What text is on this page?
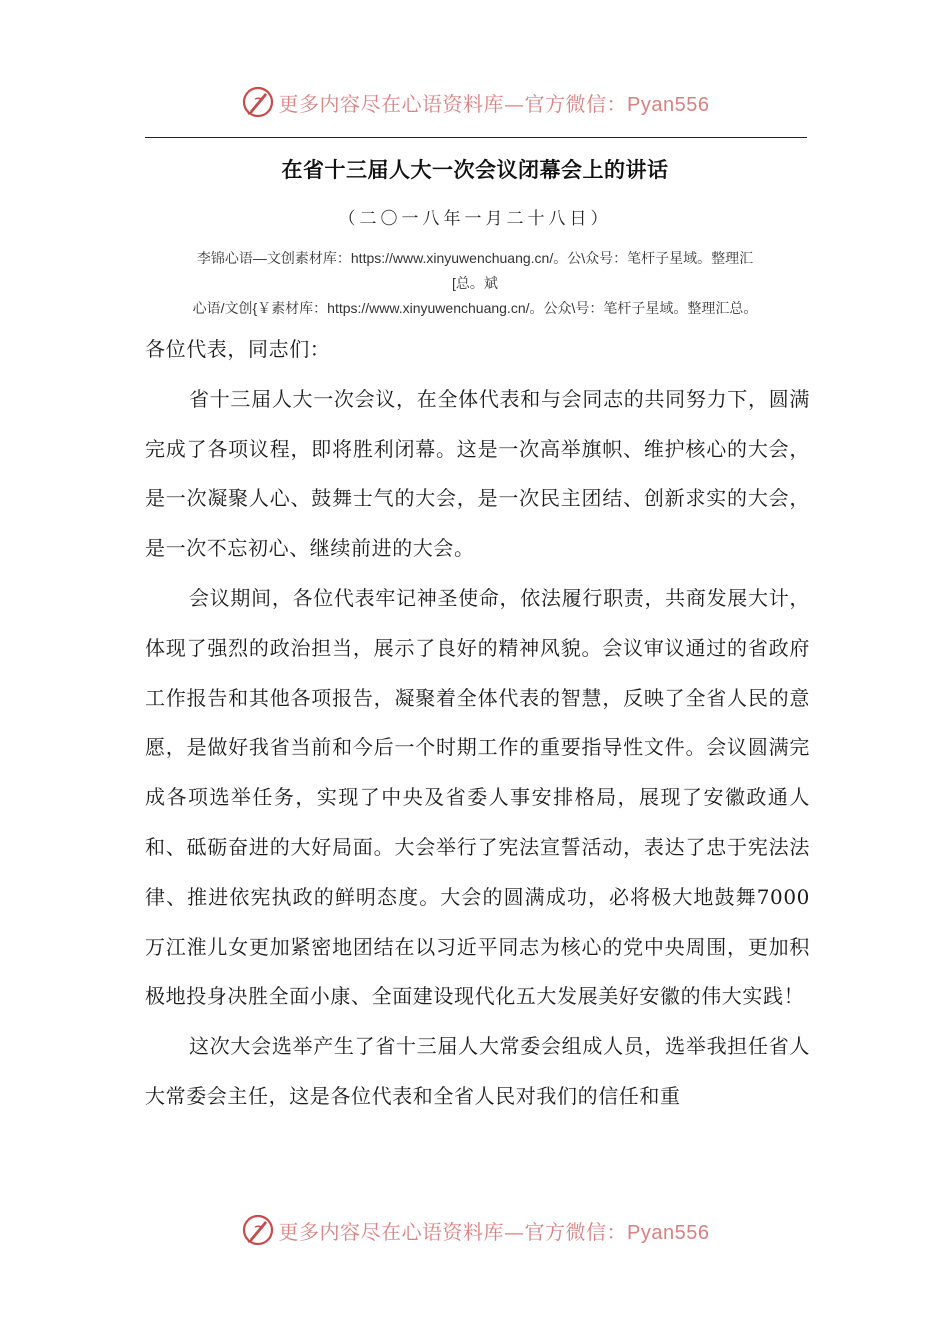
更多内容尽在心语资料库—官方微信：Pyan556
在省十三届人大一次会议闭幕会上的讲话
（二〇一八年一月二十八日）
李锦心语—文创素材库：https://www.xinyuwenchuang.cn/。公\众号：笔杆子星域。整理汇
[总。斌
心语/文创{￥素材库：https://www.xinyuwenchuang.cn/。公众\号：笔杆子星域。整理汇总。

各位代表，同志们：

省十三届人大一次会议，在全体代表和与会同志的共同努力下，圆满完成了各项议程，即将胜利闭幕。这是一次高举旗帜、维护核心的大会，是一次凝聚人心、鼓舞士气的大会，是一次民主团结、创新求实的大会，是一次不忘初心、继续前进的大会。

会议期间，各位代表牢记神圣使命，依法履行职责，共商发展大计，体现了强烈的政治担当，展示了良好的精神风貌。会议审议通过的省政府工作报告和其他各项报告，凝聚着全体代表的智慧，反映了全省人民的意愿，是做好我省当前和今后一个时期工作的重要指导性文件。会议圆满完成各项选举任务，实现了中央及省委人事安排格局，展现了安徽政通人和、砥砺奋进的大好局面。大会举行了宪法宣誓活动，表达了忠于宪法法律、推进依宪执政的鲜明态度。大会的圆满成功，必将极大地鼓舞7000万江淮儿女更加紧密地团结在以习近平同志为核心的党中央周围，更加积极地投身决胜全面小康、全面建设现代化五大发展美好安徽的伟大实践！

这次大会选举产生了省十三届人大常委会组成人员，选举我担任省人大常委会主任，这是各位代表和全省人民对我们的信任和重

更多内容尽在心语资料库—官方微信：Pyan556
